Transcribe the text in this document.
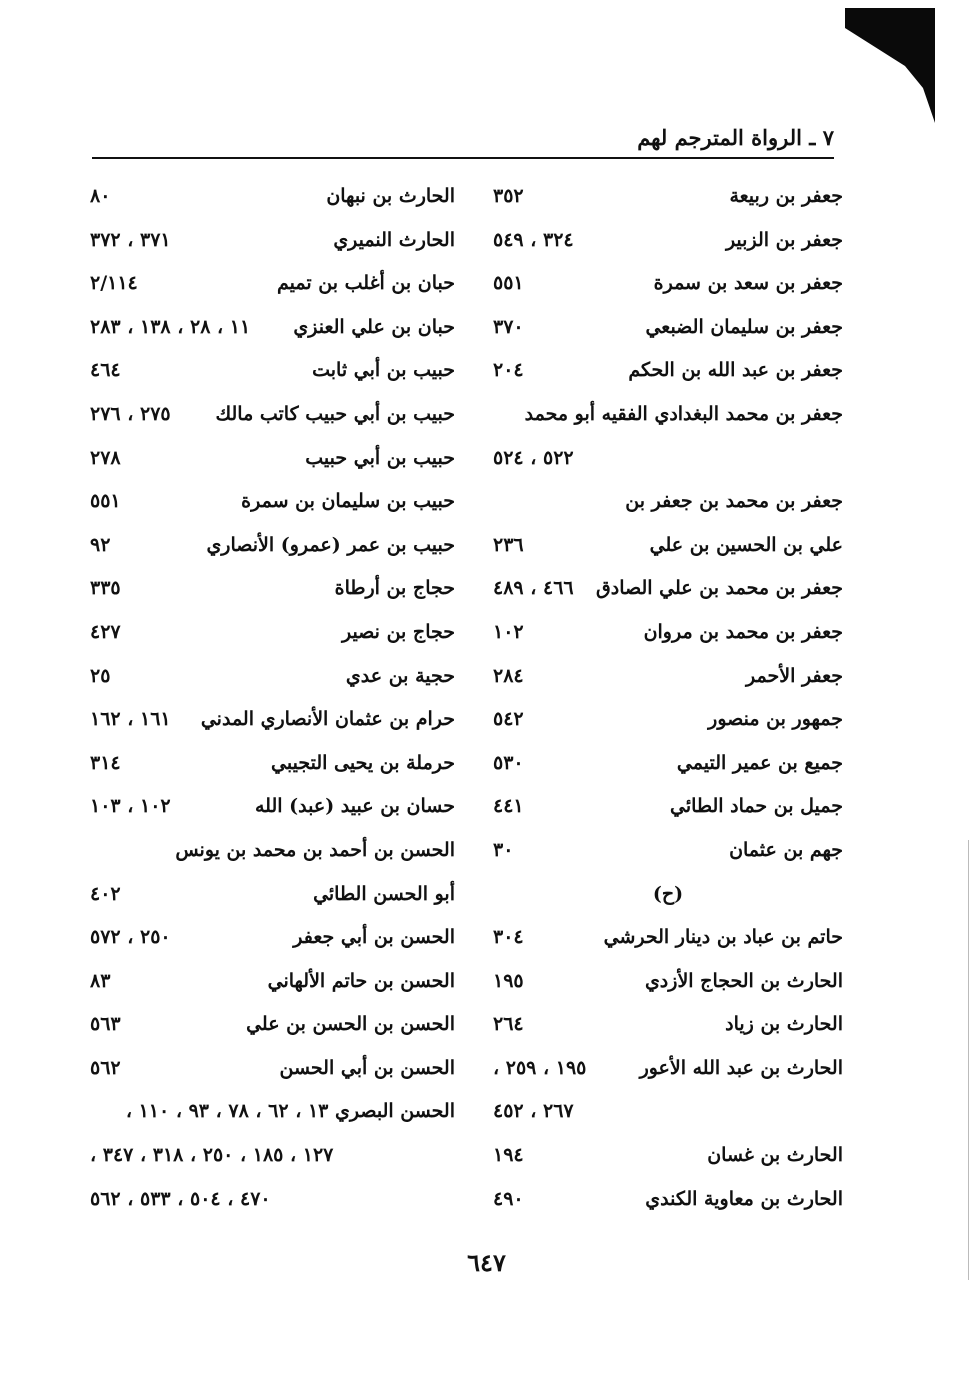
٧ ـ الرواة المترجم لهم
جعفر بن ربيعة
٣٥٢
جعفر بن الزبير
٣٢٤ ، ٥٤٩
جعفر بن سعد بن سمرة
٥٥١
جعفر بن سليمان الضبعي
٣٧٠
جعفر بن عبد الله بن الحكم
٢٠٤
جعفر بن محمد البغدادي الفقيه أبو محمد
٥٢٢ ، ٥٢٤
جعفر بن محمد بن جعفر بن
علي بن الحسين بن علي
٢٣٦
جعفر بن محمد بن علي الصادق
٤٦٦ ، ٤٨٩
جعفر بن محمد بن مروان
١٠٢
جعفر الأحمر
٢٨٤
جمهور بن منصور
٥٤٢
جميع بن عمير التيمي
٥٣٠
جميل بن حماد الطائي
٤٤١
جهم بن عثمان
٣٠
(ح)
حاتم بن عباد بن دينار الحرشي
٣٠٤
الحارث بن الحجاج الأزدي
١٩٥
الحارث بن زياد
٢٦٤
الحارث بن عبد الله الأعور
١٩٥ ، ٢٥٩ ،
٢٦٧ ، ٤٥٢
الحارث بن غسان
١٩٤
الحارث بن معاوية الكندي
٤٩٠
الحارث بن نبهان
٨٠
الحارث النميري
٣٧١ ، ٣٧٢
حبان بن أغلب بن تميم
٢/١١٤
حبان بن علي العنزي
١١ ، ٢٨ ، ١٣٨ ، ٢٨٣
حبيب بن أبي ثابت
٤٦٤
حبيب بن أبي حبيب كاتب مالك
٢٧٥ ، ٢٧٦
حبيب بن أبي حبيب
٢٧٨
حبيب بن سليمان بن سمرة
٥٥١
حبيب بن عمر (عمرو) الأنصاري
٩٢
حجاج بن أرطاة
٣٣٥
حجاج بن نصير
٤٢٧
حجية بن عدي
٢٥
حرام بن عثمان الأنصاري المدني
١٦١ ، ١٦٢
حرملة بن يحيى التجيبي
٣١٤
حسان بن عبيد (عبد) الله
١٠٢ ، ١٠٣
الحسن بن أحمد بن محمد بن يونس
أبو الحسن الطائي
٤٠٢
الحسن بن أبي جعفر
٢٥٠ ، ٥٧٢
الحسن بن حاتم الألهاني
٨٣
الحسن بن الحسن بن علي
٥٦٣
الحسن بن أبي الحسن
٥٦٢
الحسن البصري ١٣ ، ٦٢ ، ٧٨ ، ٩٣ ، ١١٠ ،
١٢٧ ، ١٨٥ ، ٢٥٠ ، ٣١٨ ، ٣٤٧ ،
٤٧٠ ، ٥٠٤ ، ٥٣٣ ، ٥٦٢
٦٤٧
